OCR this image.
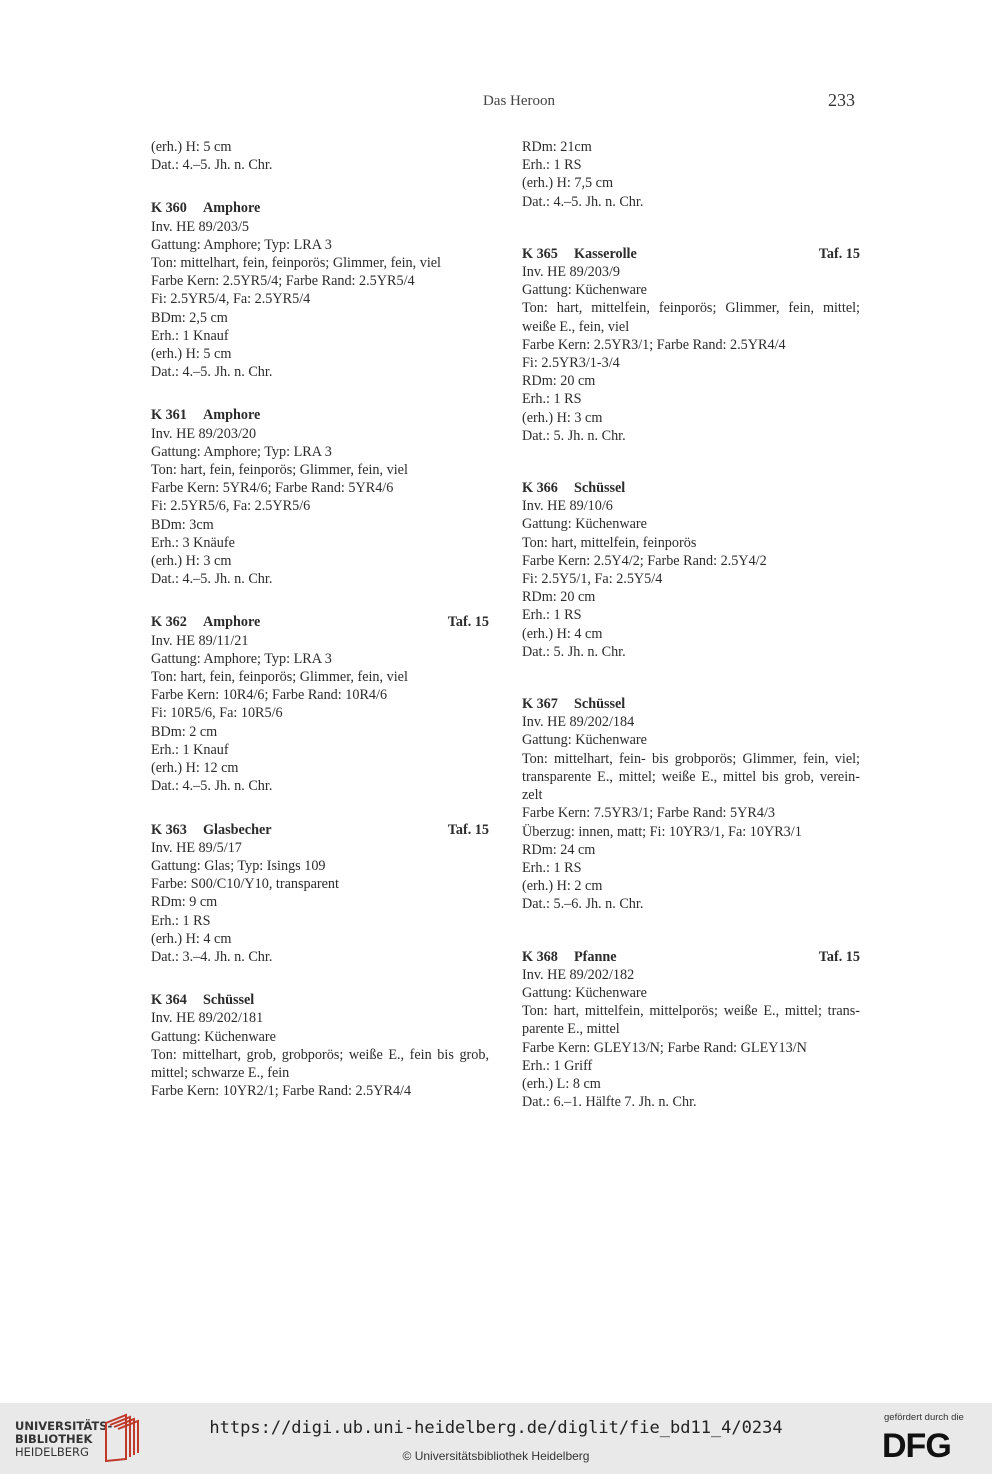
Das Heroon	233
(erh.) H: 5 cm
Dat.: 4.–5. Jh. n. Chr.
K 360	Amphore
Inv. HE 89/203/5
Gattung: Amphore; Typ: LRA 3
Ton: mittelhart, fein, feinporös; Glimmer, fein, viel
Farbe Kern: 2.5YR5/4; Farbe Rand: 2.5YR5/4
Fi: 2.5YR5/4, Fa: 2.5YR5/4
BDm: 2,5 cm
Erh.: 1 Knauf
(erh.) H: 5 cm
Dat.: 4.–5. Jh. n. Chr.
K 361	Amphore
Inv. HE 89/203/20
Gattung: Amphore; Typ: LRA 3
Ton: hart, fein, feinporös; Glimmer, fein, viel
Farbe Kern: 5YR4/6; Farbe Rand: 5YR4/6
Fi: 2.5YR5/6, Fa: 2.5YR5/6
BDm: 3cm
Erh.: 3 Knäufe
(erh.) H: 3 cm
Dat.: 4.–5. Jh. n. Chr.
K 362	Amphore	Taf. 15
Inv. HE 89/11/21
Gattung: Amphore; Typ: LRA 3
Ton: hart, fein, feinporös; Glimmer, fein, viel
Farbe Kern: 10R4/6; Farbe Rand: 10R4/6
Fi: 10R5/6, Fa: 10R5/6
BDm: 2 cm
Erh.: 1 Knauf
(erh.) H: 12 cm
Dat.: 4.–5. Jh. n. Chr.
K 363	Glasbecher	Taf. 15
Inv. HE 89/5/17
Gattung: Glas; Typ: Isings 109
Farbe: S00/C10/Y10, transparent
RDm: 9 cm
Erh.: 1 RS
(erh.) H: 4 cm
Dat.: 3.–4. Jh. n. Chr.
K 364	Schüssel
Inv. HE 89/202/181
Gattung: Küchenware
Ton: mittelhart, grob, grobporös; weiße E., fein bis grob, mittel; schwarze E., fein
Farbe Kern: 10YR2/1; Farbe Rand: 2.5YR4/4
RDm: 21cm
Erh.: 1 RS
(erh.) H: 7,5 cm
Dat.: 4.–5. Jh. n. Chr.
K 365	Kasserolle	Taf. 15
Inv. HE 89/203/9
Gattung: Küchenware
Ton: hart, mittelfein, feinporös; Glimmer, fein, mittel; weiße E., fein, viel
Farbe Kern: 2.5YR3/1; Farbe Rand: 2.5YR4/4
Fi: 2.5YR3/1-3/4
RDm: 20 cm
Erh.: 1 RS
(erh.) H: 3 cm
Dat.: 5. Jh. n. Chr.
K 366	Schüssel
Inv. HE 89/10/6
Gattung: Küchenware
Ton: hart, mittelfein, feinporös
Farbe Kern: 2.5Y4/2; Farbe Rand: 2.5Y4/2
Fi: 2.5Y5/1, Fa: 2.5Y5/4
RDm: 20 cm
Erh.: 1 RS
(erh.) H: 4 cm
Dat.: 5. Jh. n. Chr.
K 367	Schüssel
Inv. HE 89/202/184
Gattung: Küchenware
Ton: mittelhart, fein- bis grobporös; Glimmer, fein, viel; transparente E., mittel; weiße E., mittel bis grob, verein-zelt
Farbe Kern: 7.5YR3/1; Farbe Rand: 5YR4/3
Überzug: innen, matt; Fi: 10YR3/1, Fa: 10YR3/1
RDm: 24 cm
Erh.: 1 RS
(erh.) H: 2 cm
Dat.: 5.–6. Jh. n. Chr.
K 368	Pfanne	Taf. 15
Inv. HE 89/202/182
Gattung: Küchenware
Ton: hart, mittelfein, mittelporös; weiße E., mittel; trans-parente E., mittel
Farbe Kern: GLEY13/N; Farbe Rand: GLEY13/N
Erh.: 1 Griff
(erh.) L: 8 cm
Dat.: 6.–1. Hälfte 7. Jh. n. Chr.
UNIVERSITÄTS-
BIBLIOTHEK
HEIDELBERG
https://digi.ub.uni-heidelberg.de/diglit/fie_bd11_4/0234
© Universitätsbibliothek Heidelberg
gefördert durch die
DFG
